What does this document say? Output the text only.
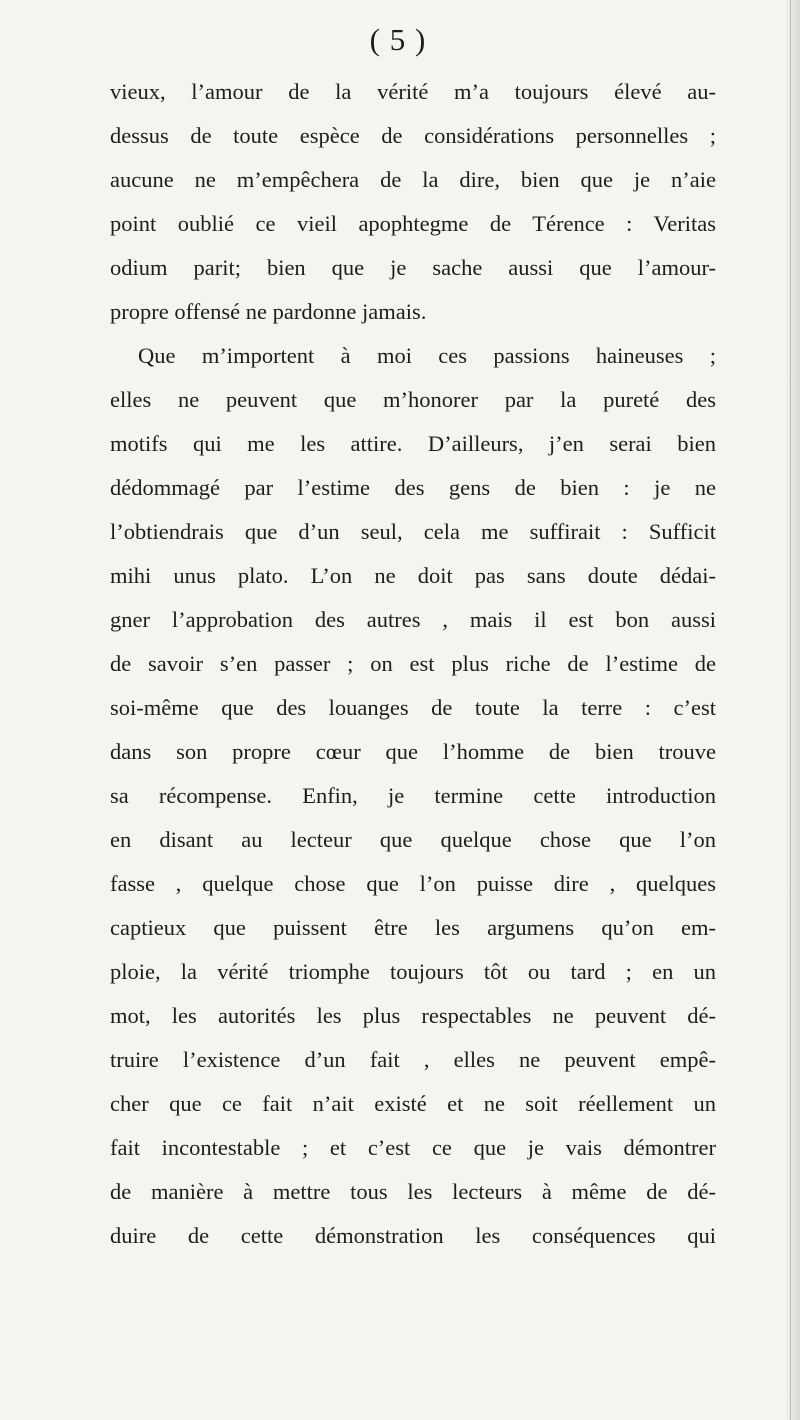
( 5 )
vieux, l’amour de la vérité m’a toujours élevé au-
dessus de toute espèce de considérations personnelles ;
aucune ne m’empêchera de la dire, bien que je n’aie
point oublié ce vieil apophtegme de Térence : Veritas
odium parit; bien que je sache aussi que l’amour-
propre offensé ne pardonne jamais.
Que m’importent à moi ces passions haineuses ;
elles ne peuvent que m’honorer par la pureté des
motifs qui me les attire. D’ailleurs, j’en serai bien
dédommagé par l’estime des gens de bien : je ne
l’obtiendrais que d’un seul, cela me suffirait : Sufficit
mihi unus plato. L’on ne doit pas sans doute dédai-
gner l’approbation des autres , mais il est bon aussi
de savoir s’en passer ; on est plus riche de l’estime de
soi-même que des louanges de toute la terre : c’est
dans son propre cœur que l’homme de bien trouve
sa récompense. Enfin, je termine cette introduction
en disant au lecteur que quelque chose que l’on
fasse , quelque chose que l’on puisse dire , quelques
captieux que puissent être les argumens qu’on em-
ploie, la vérité triomphe toujours tôt ou tard ; en un
mot, les autorités les plus respectables ne peuvent dé-
truire l’existence d’un fait , elles ne peuvent empê-
cher que ce fait n’ait existé et ne soit réellement un
fait incontestable ; et c’est ce que je vais démontrer
de manière à mettre tous les lecteurs à même de dé-
duire de cette démonstration les conséquences qui
